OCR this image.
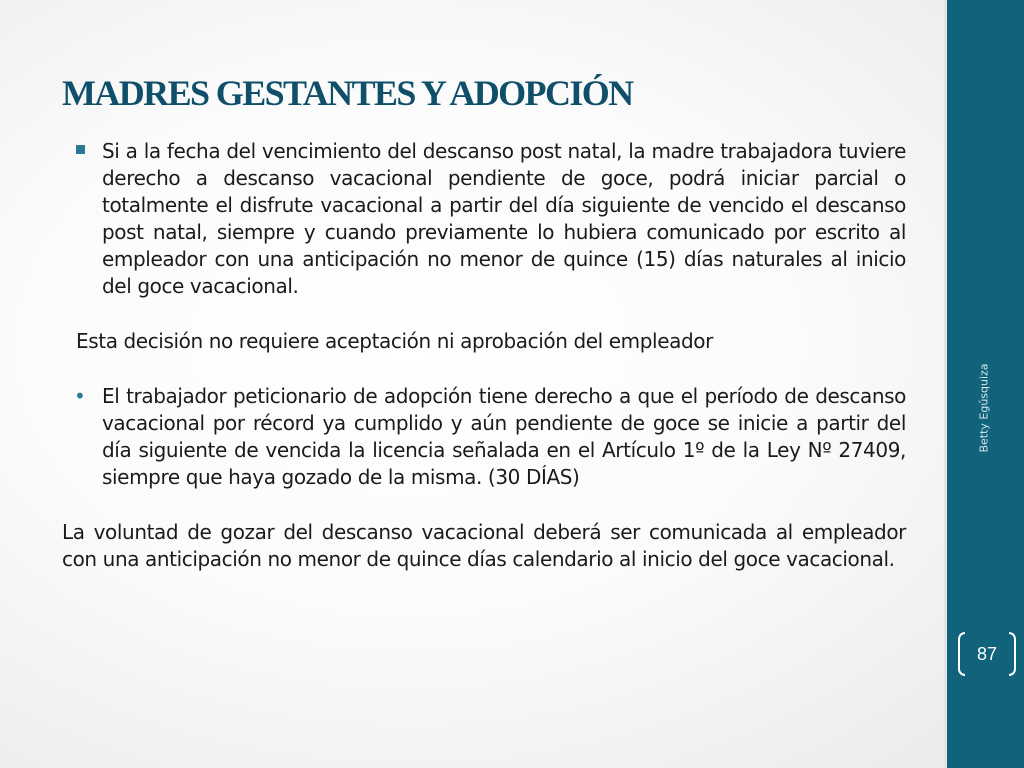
MADRES GESTANTES Y ADOPCIÓN
Si a la fecha del vencimiento del descanso post natal, la madre trabajadora tuviere derecho a descanso vacacional pendiente de goce, podrá iniciar parcial o totalmente el disfrute vacacional a partir del día siguiente de vencido el descanso post natal, siempre y cuando previamente lo hubiera comunicado por escrito al empleador con una anticipación no menor de quince (15) días naturales al inicio del goce vacacional.
Esta decisión no requiere aceptación ni aprobación del empleador
• El trabajador peticionario de adopción tiene derecho a que el período de descanso vacacional por récord ya cumplido y aún pendiente de goce se inicie a partir del día siguiente de vencida la licencia señalada en el Artículo 1º de la Ley Nº 27409, siempre que haya gozado de la misma. (30 DÍAS)
La voluntad de gozar del descanso vacacional deberá ser comunicada al empleador con una anticipación no menor de quince días calendario al inicio del goce vacacional.
Betty Egúsquiza
87
